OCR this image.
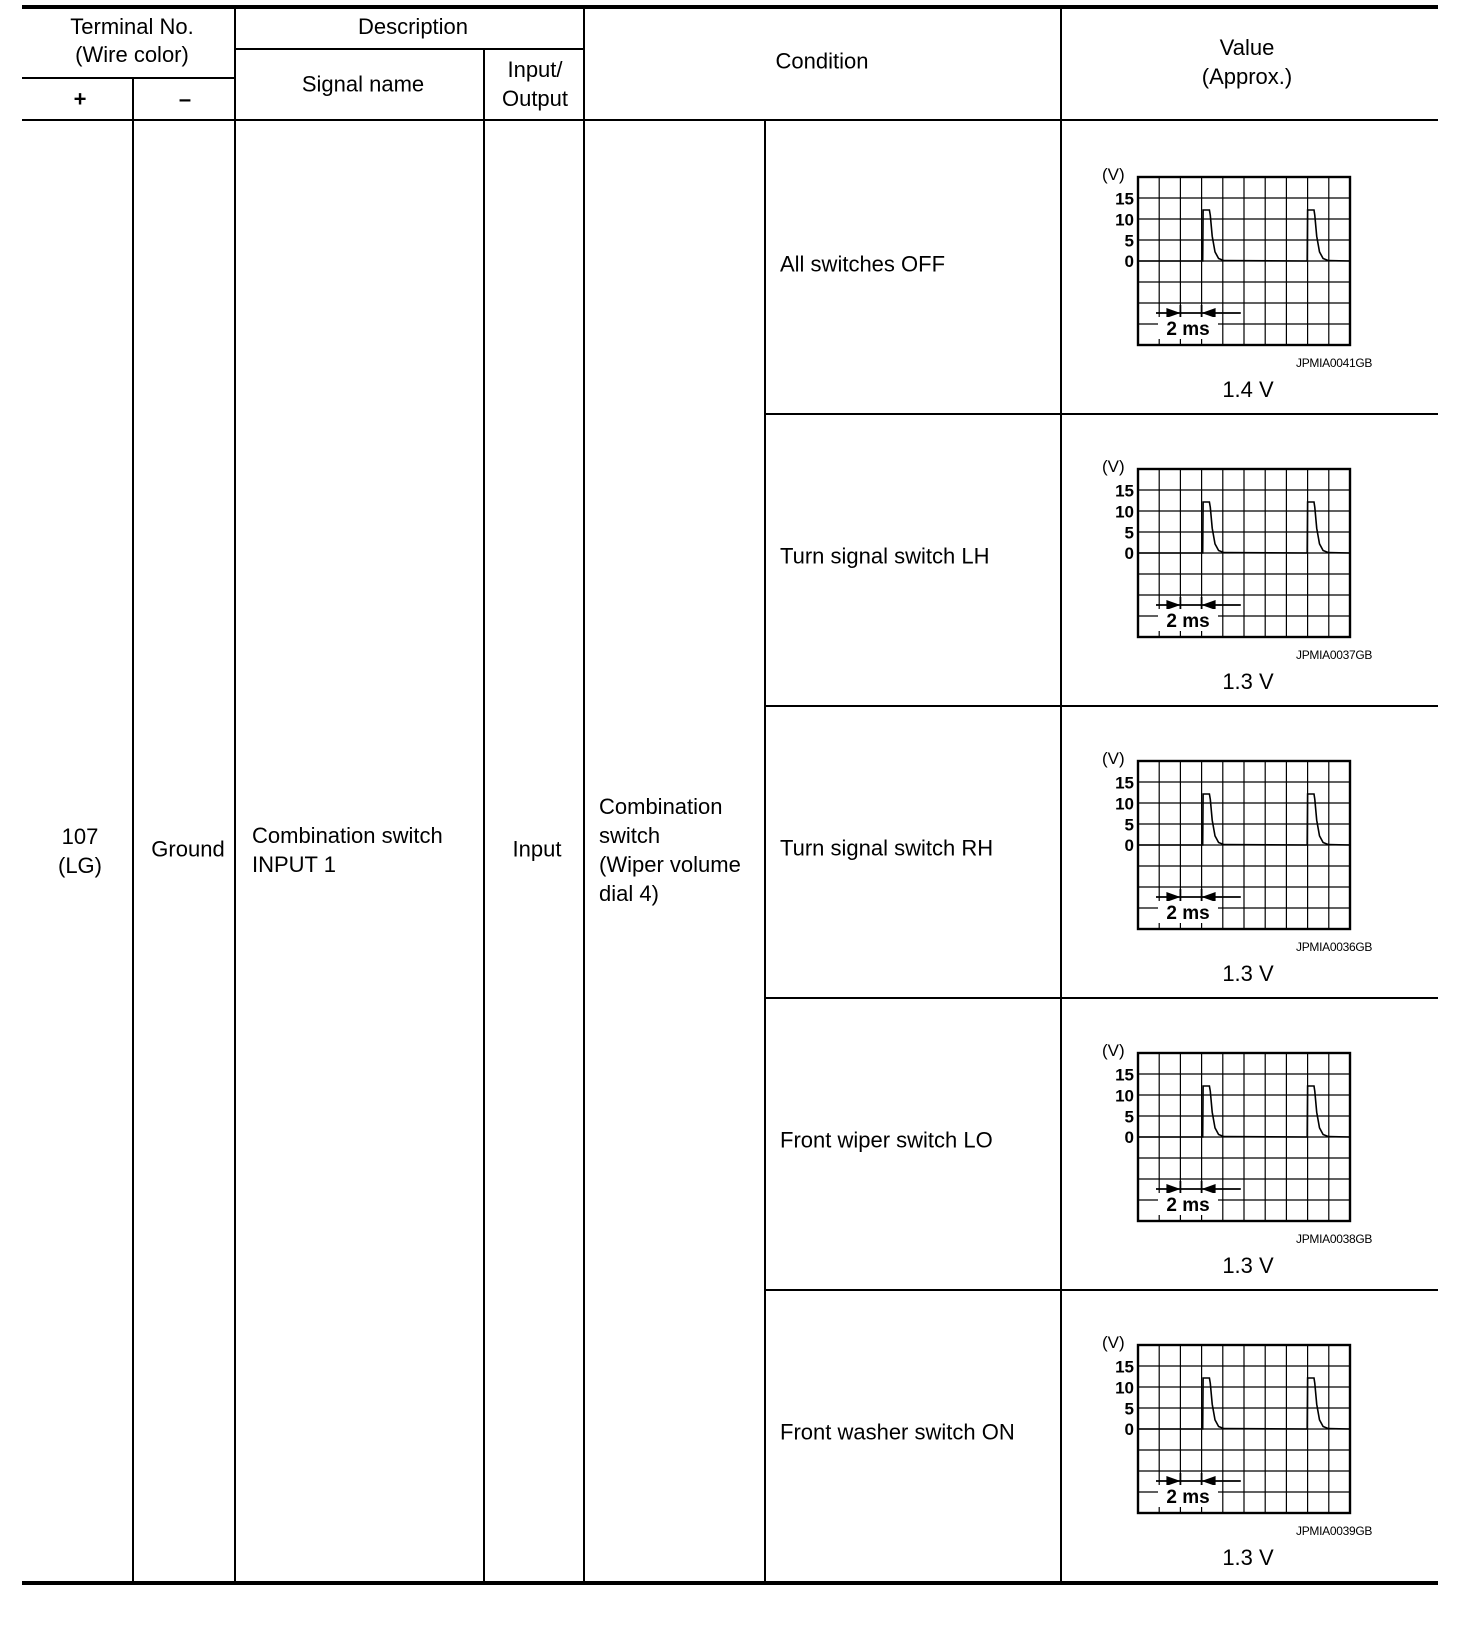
Terminal No.
(Wire color)
+	–
Description
Signal name
Input/
Output
Condition
Value
(Approx.)
107
(LG)
Ground
Combination switch
INPUT 1
Input
Combination
switch
(Wiper volume
dial 4)
All switches OFF
(V)
15
10
5
0
2 ms
JPMIA0041GB
1.4 V
Turn signal switch LH
(V)
15
10
5
0
2 ms
JPMIA0037GB
1.3 V
Turn signal switch RH
(V)
15
10
5
0
2 ms
JPMIA0036GB
1.3 V
Front wiper switch LO
(V)
15
10
5
0
2 ms
JPMIA0038GB
1.3 V
Front washer switch ON
(V)
15
10
5
0
2 ms
JPMIA0039GB
1.3 V
